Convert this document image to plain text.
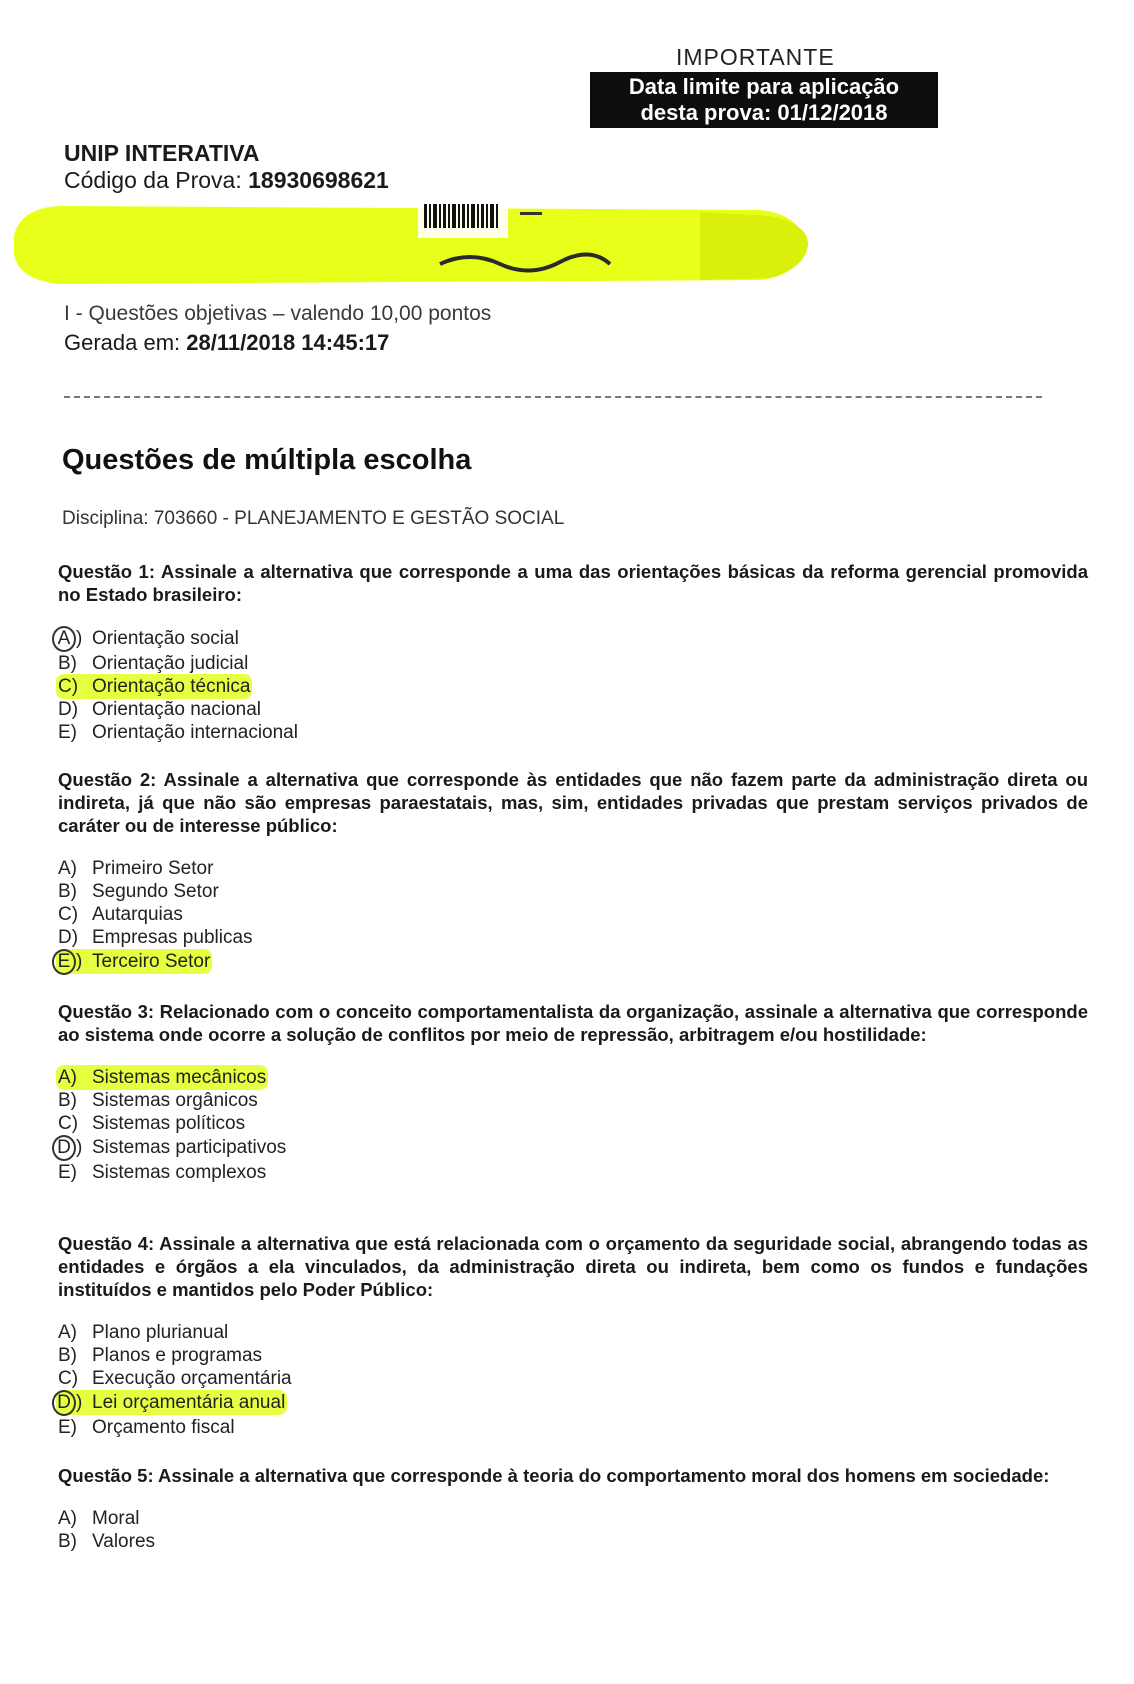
IMPORTANTE
Data limite para aplicação
desta prova: 01/12/2018
UNIP INTERATIVA
Código da Prova: 18930698621
I - Questões objetivas – valendo 10,00 pontos
Gerada em: 28/11/2018 14:45:17
Questões de múltipla escolha
Disciplina: 703660 - PLANEJAMENTO E GESTÃO SOCIAL
Questão 1: Assinale a alternativa que corresponde a uma das orientações básicas da reforma gerencial promovida no Estado brasileiro:
A ) Orientação social
B) Orientação judicial
C) Orientação técnica
D) Orientação nacional
E) Orientação internacional
Questão 2: Assinale a alternativa que corresponde às entidades que não fazem parte da administração direta ou indireta, já que não são empresas paraestatais, mas, sim, entidades privadas que prestam serviços privados de caráter ou de interesse público:
A) Primeiro Setor
B) Segundo Setor
C) Autarquias
D) Empresas publicas
E ) Terceiro Setor
Questão 3: Relacionado com o conceito comportamentalista da organização, assinale a alternativa que corresponde ao sistema onde ocorre a solução de conflitos por meio de repressão, arbitragem e/ou hostilidade:
A) Sistemas mecânicos
B) Sistemas orgânicos
C) Sistemas políticos
D ) Sistemas participativos
E) Sistemas complexos
Questão 4: Assinale a alternativa que está relacionada com o orçamento da seguridade social, abrangendo todas as entidades e órgãos a ela vinculados, da administração direta ou indireta, bem como os fundos e fundações instituídos e mantidos pelo Poder Público:
A) Plano plurianual
B) Planos e programas
C) Execução orçamentária
D ) Lei orçamentária anual
E) Orçamento fiscal
Questão 5: Assinale a alternativa que corresponde à teoria do comportamento moral dos homens em sociedade:
A) Moral
B) Valores
